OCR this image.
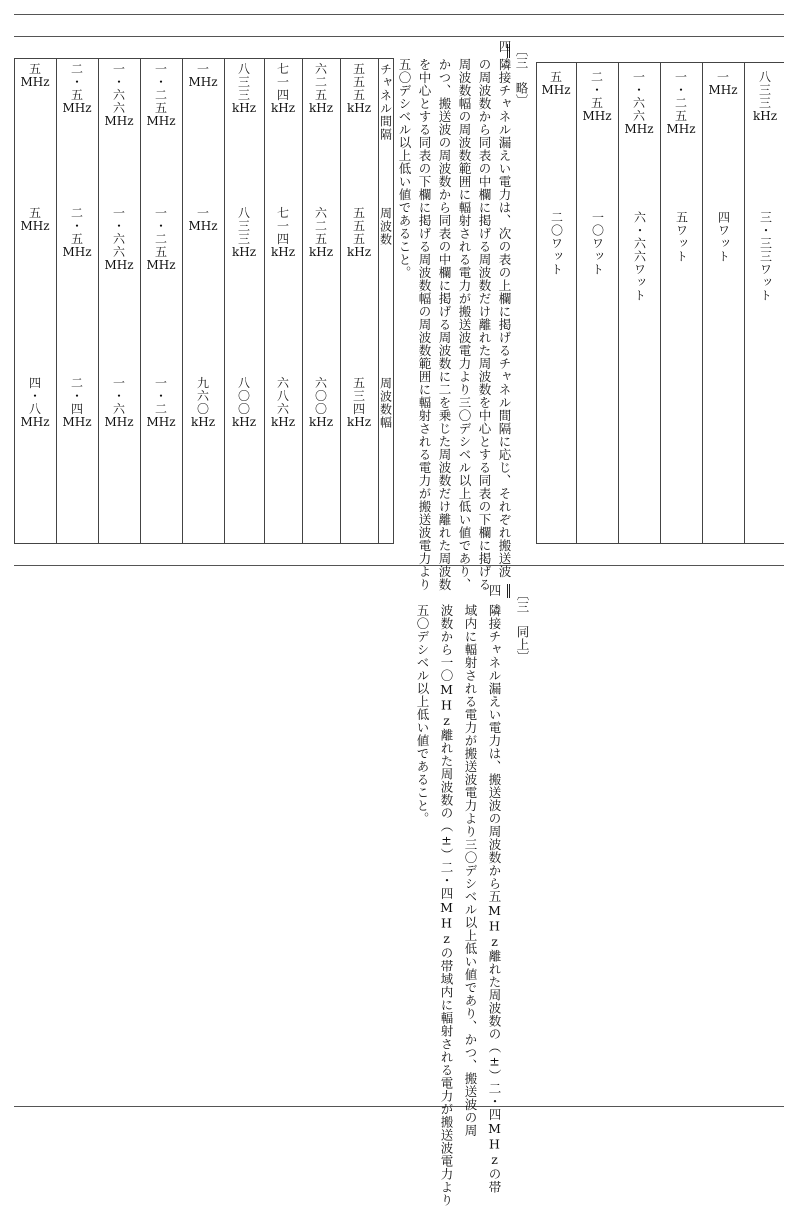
〔三　略〕
四
隣接チャネル漏えい電力は、次の表の上欄に掲げるチャネル間隔に応じ、それぞれ搬送波
の周波数から同表の中欄に掲げる周波数だけ離れた周波数を中心とする同表の下欄に掲げる
周波数幅の周波数範囲に輻射される電力が搬送波電力より三〇デシベル以上低い値であり、
かつ、搬送波の周波数から同表の中欄に掲げる周波数に二を乗じた周波数だけ離れた周波数
を中心とする同表の下欄に掲げる周波数幅の周波数範囲に輻射される電力が搬送波電力より
五〇デシベル以上低い値であること。
チャネル間隔
周波数
周波数幅
五
五
五
kHz
五
五
五
kHz
五
三
四
kHz
六
二
五
kHz
六
二
五
kHz
六
〇
〇
kHz
七
一
四
kHz
七
一
四
kHz
六
八
六
kHz
八
三
三
kHz
八
三
三
kHz
八
〇
〇
kHz
一
MHz
一
MHz
九
六
〇
kHz
一
・
二
五
MHz
一
・
二
五
MHz
一
・
二
MHz
一
・
六
六
MHz
一
・
六
六
MHz
一
・
六
MHz
二
・
五
MHz
二
・
五
MHz
二
・
四
MHz
五
MHz
五
MHz
四
・
八
MHz
八
三
三
kHz
三・三三ワット
一
MHz
四ワット
一
・
二
五
MHz
五ワット
一
・
六
六
MHz
六・六六ワット
二
・
五
MHz
一〇ワット
五
MHz
二〇ワット
〔三　同上〕
四
隣接チャネル漏えい電力は、搬送波の周波数から五MHz離れた周波数の（±）二・四MHzの帯
域内に輻射される電力が搬送波電力より三〇デシベル以上低い値であり、かつ、搬送波の周
波数から一〇MHz離れた周波数の（±）二・四MHzの帯域内に輻射される電力が搬送波電力より
五〇デシベル以上低い値であること。
